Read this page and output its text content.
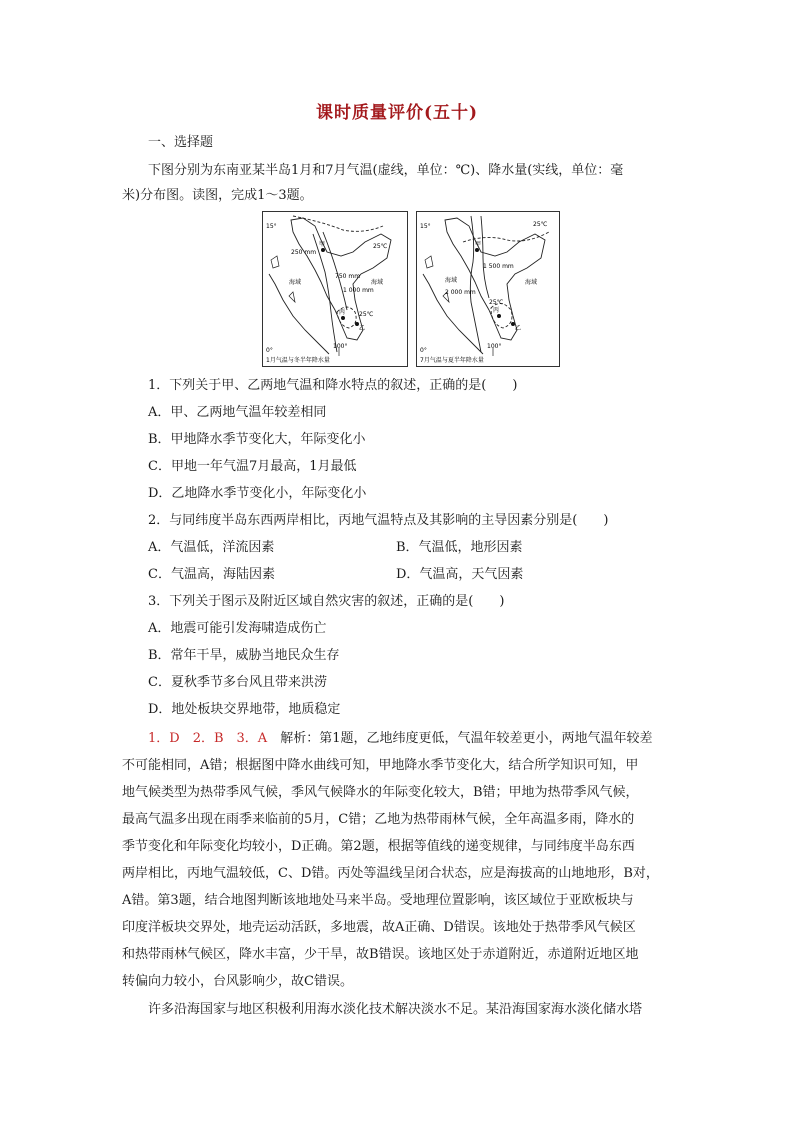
课时质量评价(五十)
一、选择题
下图分别为东南亚某半岛1月和7月气温(虚线，单位：℃)、降水量(实线，单位：毫
米)分布图。读图，完成1～3题。
15°
0°
100°
甲
丙
乙
海域	海域
250 mm
750 mm
1 000 mm
25℃
25℃
1月气温与冬半年降水量
15°
0°
100°
甲
丙
乙
海域	海域
1 500 mm
2 000 mm
25℃
25℃
7月气温与夏半年降水量
1．下列关于甲、乙两地气温和降水特点的叙述，正确的是(　　)
A．甲、乙两地气温年较差相同
B．甲地降水季节变化大，年际变化小
C．甲地一年气温7月最高，1月最低
D．乙地降水季节变化小，年际变化小
2．与同纬度半岛东西两岸相比，丙地气温特点及其影响的主导因素分别是(　　)
A．气温低，洋流因素	B．气温低，地形因素
C．气温高，海陆因素	D．气温高，天气因素
3．下列关于图示及附近区域自然灾害的叙述，正确的是(　　)
A．地震可能引发海啸造成伤亡
B．常年干旱，威胁当地民众生存
C．夏秋季节多台风且带来洪涝
D．地处板块交界地带，地质稳定
1．D　2．B　3．A　解析：第1题，乙地纬度更低，气温年较差更小，两地气温年较差
不可能相同，A错；根据图中降水曲线可知，甲地降水季节变化大，结合所学知识可知，甲
地气候类型为热带季风气候，季风气候降水的年际变化较大，B错；甲地为热带季风气候，
最高气温多出现在雨季来临前的5月，C错；乙地为热带雨林气候，全年高温多雨，降水的
季节变化和年际变化均较小，D正确。第2题，根据等值线的递变规律，与同纬度半岛东西
两岸相比，丙地气温较低，C、D错。丙处等温线呈闭合状态，应是海拔高的山地地形，B对，
A错。第3题，结合地图判断该地地处马来半岛。受地理位置影响，该区域位于亚欧板块与
印度洋板块交界处，地壳运动活跃，多地震，故A正确、D错误。该地处于热带季风气候区
和热带雨林气候区，降水丰富，少干旱，故B错误。该地区处于赤道附近，赤道附近地区地
转偏向力较小，台风影响少，故C错误。
许多沿海国家与地区积极利用海水淡化技术解决淡水不足。某沿海国家海水淡化储水塔
